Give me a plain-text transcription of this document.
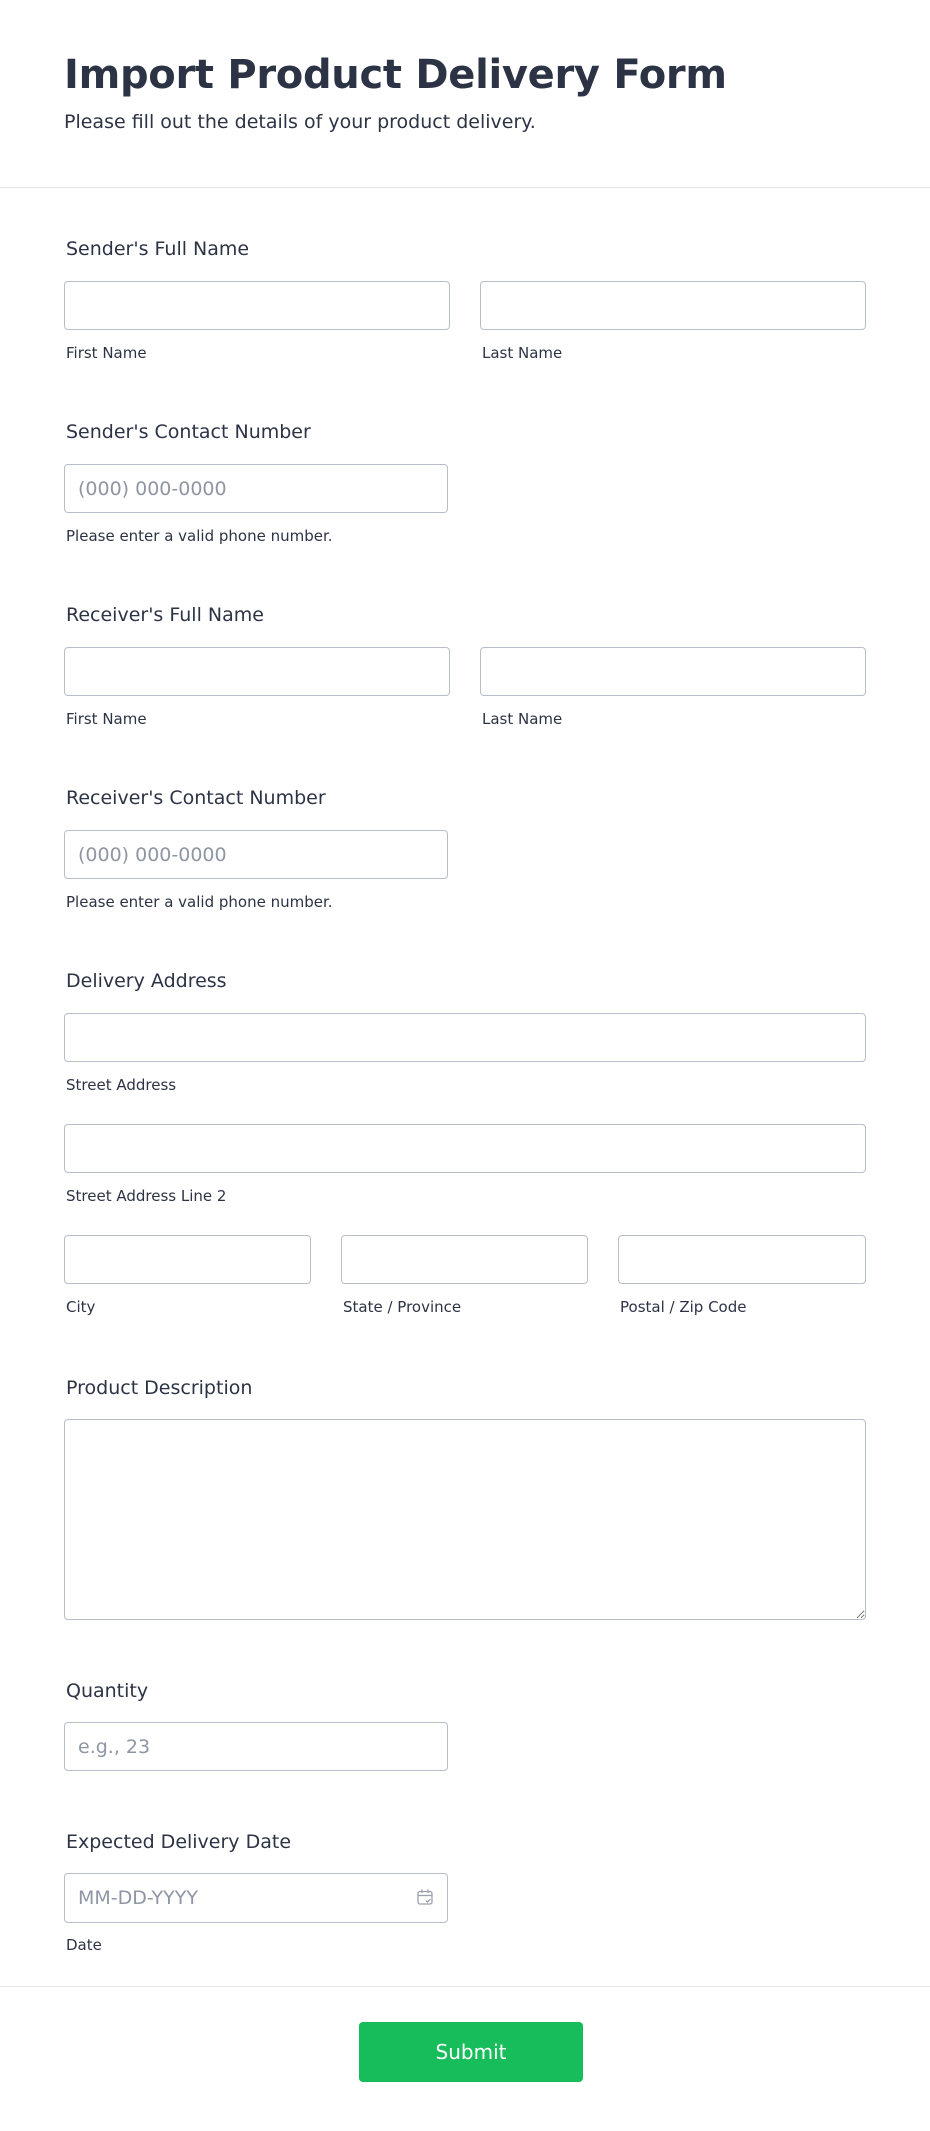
Import Product Delivery Form

Please fill out the details of your product delivery.

Sender's Full Name
First Name	Last Name
Sender's Contact Number
(000) 000-0000
Please enter a valid phone number.
Receiver's Full Name
First Name	Last Name
Receiver's Contact Number
(000) 000-0000
Please enter a valid phone number.
Delivery Address
Street Address
Street Address Line 2
City	State / Province	Postal / Zip Code
Product Description
Quantity
e.g., 23
Expected Delivery Date
MM-DD-YYYY
Date
Submit
